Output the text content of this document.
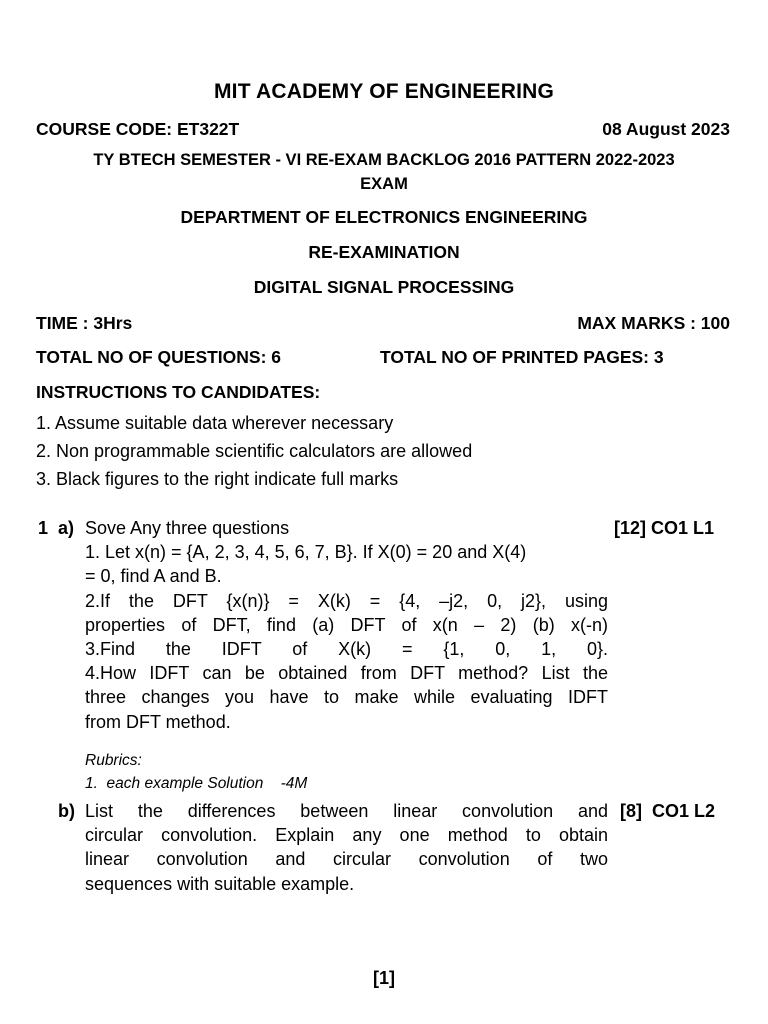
MIT ACADEMY OF ENGINEERING
COURSE CODE: ET322T	08 August 2023
TY BTECH SEMESTER - VI RE-EXAM BACKLOG 2016 PATTERN 2022-2023
EXAM
DEPARTMENT OF ELECTRONICS ENGINEERING
RE-EXAMINATION
DIGITAL SIGNAL PROCESSING
TIME : 3Hrs	MAX MARKS : 100
TOTAL NO OF QUESTIONS: 6	TOTAL NO OF PRINTED PAGES: 3
INSTRUCTIONS TO CANDIDATES:
1. Assume suitable data wherever necessary
2. Non programmable scientific calculators are allowed
3. Black figures to the right indicate full marks
1 a)	[12] CO1 L1
Sove Any three questions
1. Let x(n) = {A, 2, 3, 4, 5, 6, 7, B}. If X(0) = 20 and X(4)
= 0, find A and B.
2.If the DFT {x(n)} = X(k) = {4, –j2, 0, j2}, using
properties of DFT, find (a) DFT of x(n – 2) (b) x(-n)
3.Find the IDFT of X(k) = {1, 0, 1, 0}.
4.How IDFT can be obtained from DFT method? List the
three changes you have to make while evaluating IDFT
from DFT method.
Rubrics:
1.  each example Solution    -4M
b)	[8]  CO1 L2
List the differences between linear convolution and
circular convolution. Explain any one method to obtain
linear convolution and circular convolution of two
sequences with suitable example.
[1]
